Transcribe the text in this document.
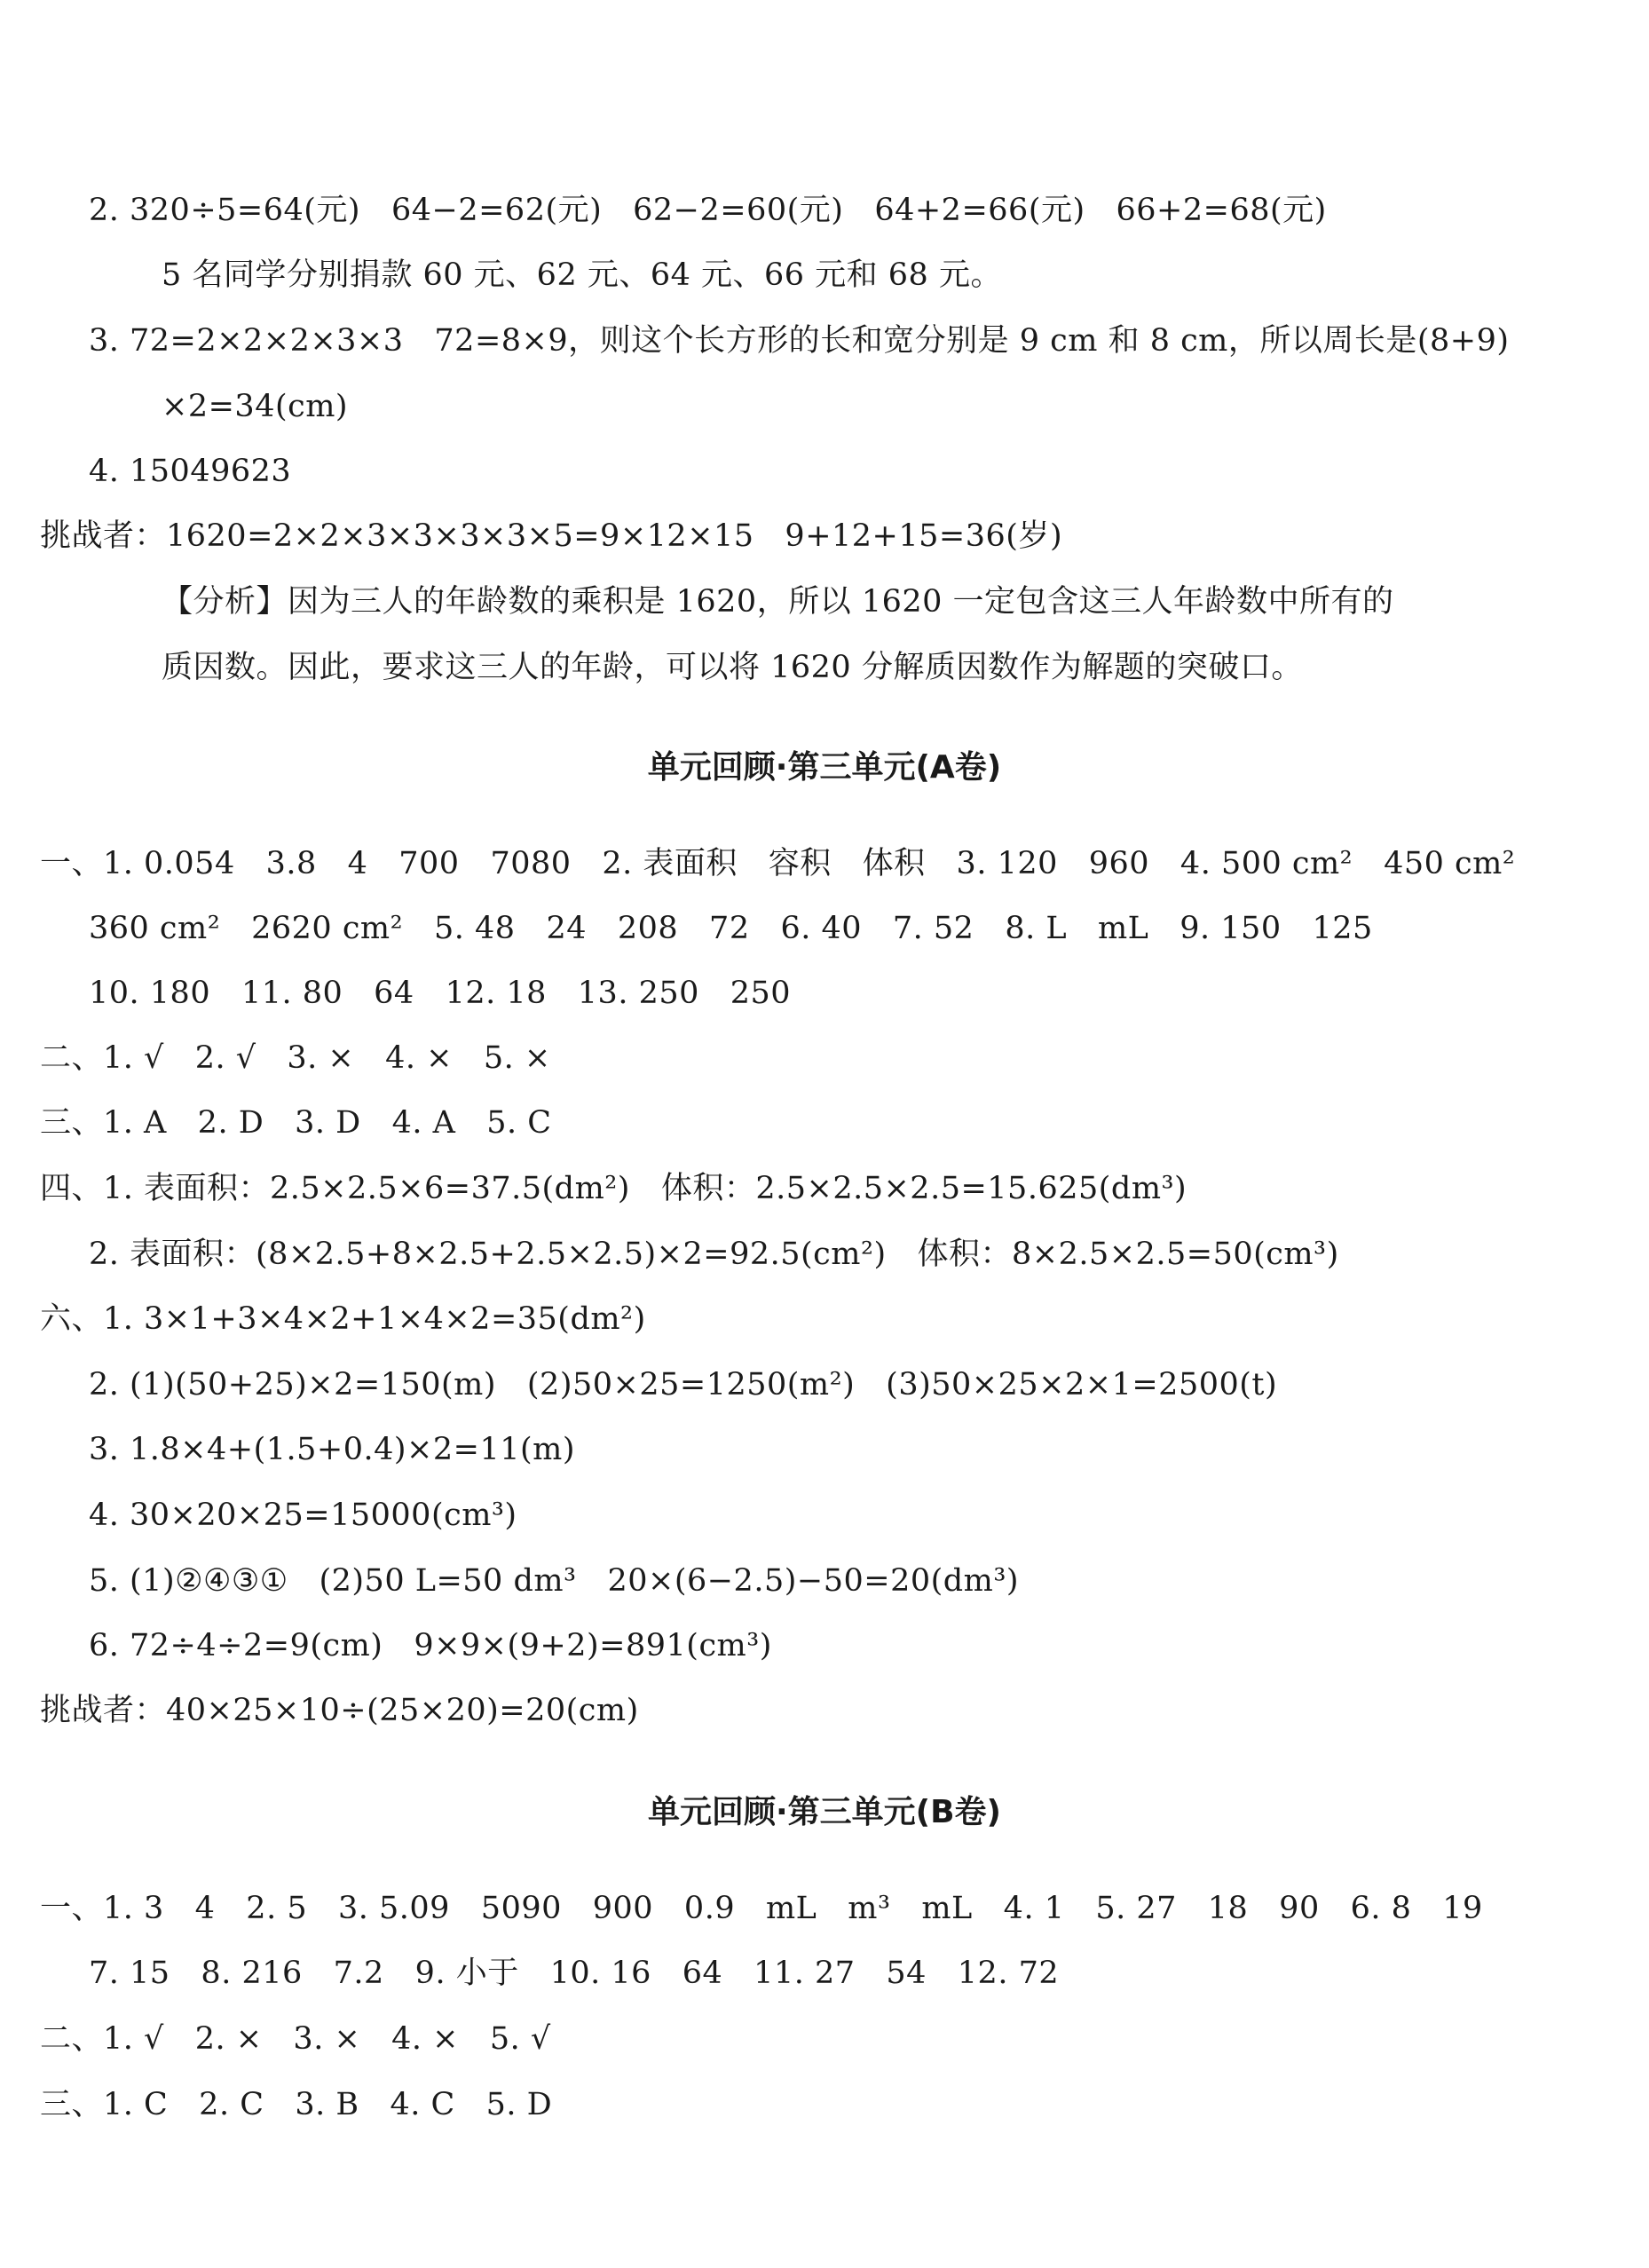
2. 320÷5=64(元)   64−2=62(元)   62−2=60(元)   64+2=66(元)   66+2=68(元)
5 名同学分别捐款 60 元、62 元、64 元、66 元和 68 元。
3. 72=2×2×2×3×3   72=8×9，则这个长方形的长和宽分别是 9 cm 和 8 cm，所以周长是(8+9)
×2=34(cm)
4. 15049623
挑战者：1620=2×2×3×3×3×3×5=9×12×15   9+12+15=36(岁)
【分析】因为三人的年龄数的乘积是 1620，所以 1620 一定包含这三人年龄数中所有的
质因数。因此，要求这三人的年龄，可以将 1620 分解质因数作为解题的突破口。
单元回顾·第三单元(A卷)
一、1. 0.054   3.8   4   700   7080   2. 表面积   容积   体积   3. 120   960   4. 500 cm²   450 cm²
360 cm²   2620 cm²   5. 48   24   208   72   6. 40   7. 52   8. L   mL   9. 150   125
10. 180   11. 80   64   12. 18   13. 250   250
二、1. √   2. √   3. ×   4. ×   5. ×
三、1. A   2. D   3. D   4. A   5. C
四、1. 表面积：2.5×2.5×6=37.5(dm²)   体积：2.5×2.5×2.5=15.625(dm³)
2. 表面积：(8×2.5+8×2.5+2.5×2.5)×2=92.5(cm²)   体积：8×2.5×2.5=50(cm³)
六、1. 3×1+3×4×2+1×4×2=35(dm²)
2. (1)(50+25)×2=150(m)   (2)50×25=1250(m²)   (3)50×25×2×1=2500(t)
3. 1.8×4+(1.5+0.4)×2=11(m)
4. 30×20×25=15000(cm³)
5. (1)②④③①   (2)50 L=50 dm³   20×(6−2.5)−50=20(dm³)
6. 72÷4÷2=9(cm)   9×9×(9+2)=891(cm³)
挑战者：40×25×10÷(25×20)=20(cm)
单元回顾·第三单元(B卷)
一、1. 3   4   2. 5   3. 5.09   5090   900   0.9   mL   m³   mL   4. 1   5. 27   18   90   6. 8   19
7. 15   8. 216   7.2   9. 小于   10. 16   64   11. 27   54   12. 72
二、1. √   2. ×   3. ×   4. ×   5. √
三、1. C   2. C   3. B   4. C   5. D
